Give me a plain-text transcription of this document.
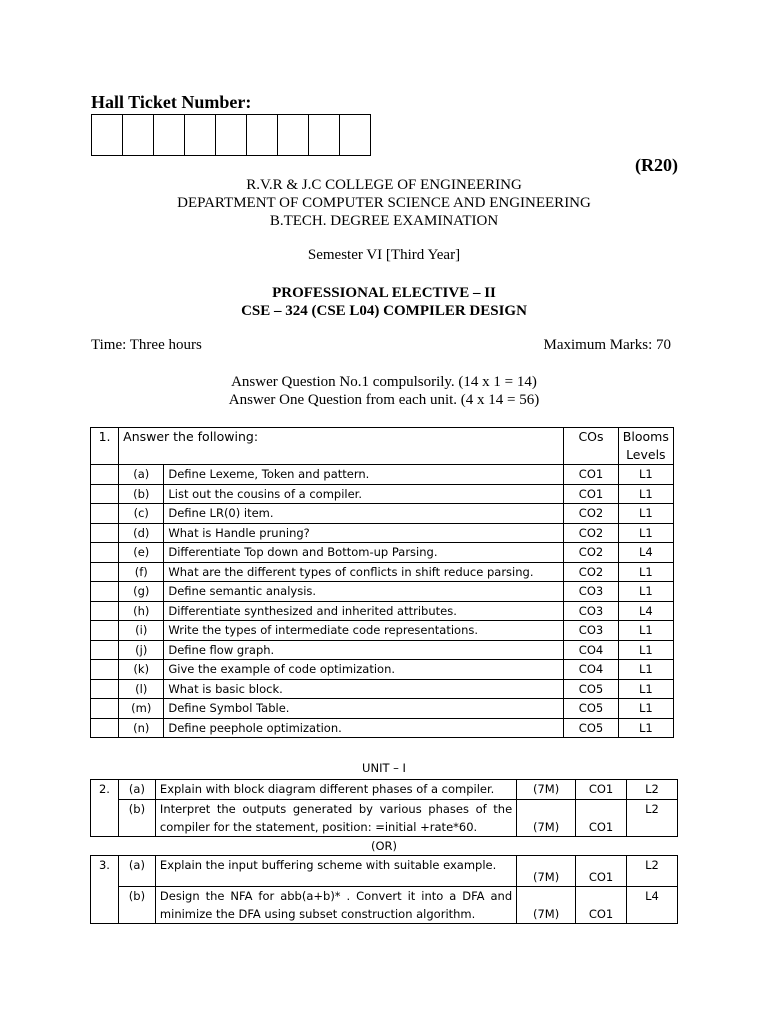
Hall Ticket Number:
(R20)
R.V.R & J.C COLLEGE OF ENGINEERING
DEPARTMENT OF COMPUTER SCIENCE AND ENGINEERING
B.TECH. DEGREE EXAMINATION
Semester VI [Third Year]
PROFESSIONAL ELECTIVE – II
CSE – 324 (CSE L04) COMPILER DESIGN
Time: Three hours	Maximum Marks: 70
Answer Question No.1 compulsorily. (14 x 1 = 14)
Answer One Question from each unit. (4 x 14 = 56)
1.	Answer the following:		COs	Blooms
Levels

	(a)	Define Lexeme, Token and pattern.	CO1	L1
	(b)	List out the cousins of a compiler.	CO1	L1
	(c)	Define LR(0) item.	CO2	L1
	(d)	What is Handle pruning?	CO2	L1
	(e)	Differentiate Top down and Bottom-up Parsing.	CO2	L4
	(f)	What are the different types of conflicts in shift reduce parsing.	CO2	L1
	(g)	Define semantic analysis.	CO3	L1
	(h)	Differentiate synthesized and inherited attributes.	CO3	L4
	(i)	Write the types of intermediate code representations.	CO3	L1
	(j)	Define flow graph.	CO4	L1
	(k)	Give the example of code optimization.	CO4	L1
	(l)	What is basic block.	CO5	L1
	(m)	Define Symbol Table.	CO5	L1
	(n)	Define peephole optimization.	CO5	L1
UNIT – I
2.	(a)	Explain with block diagram different phases of a compiler.	(7M)	CO1	L2
	(b)	Interpret the outputs generated by various phases of the
compiler for the statement, position: =initial +rate*60.	(7M)	CO1	L2
(OR)					
3.	(a)	Explain the input buffering scheme with suitable example.	(7M)	CO1	L2
	(b)	Design the NFA for abb(a+b)* . Convert it into a DFA and
minimize the DFA using subset construction algorithm.	(7M)	CO1	L4
